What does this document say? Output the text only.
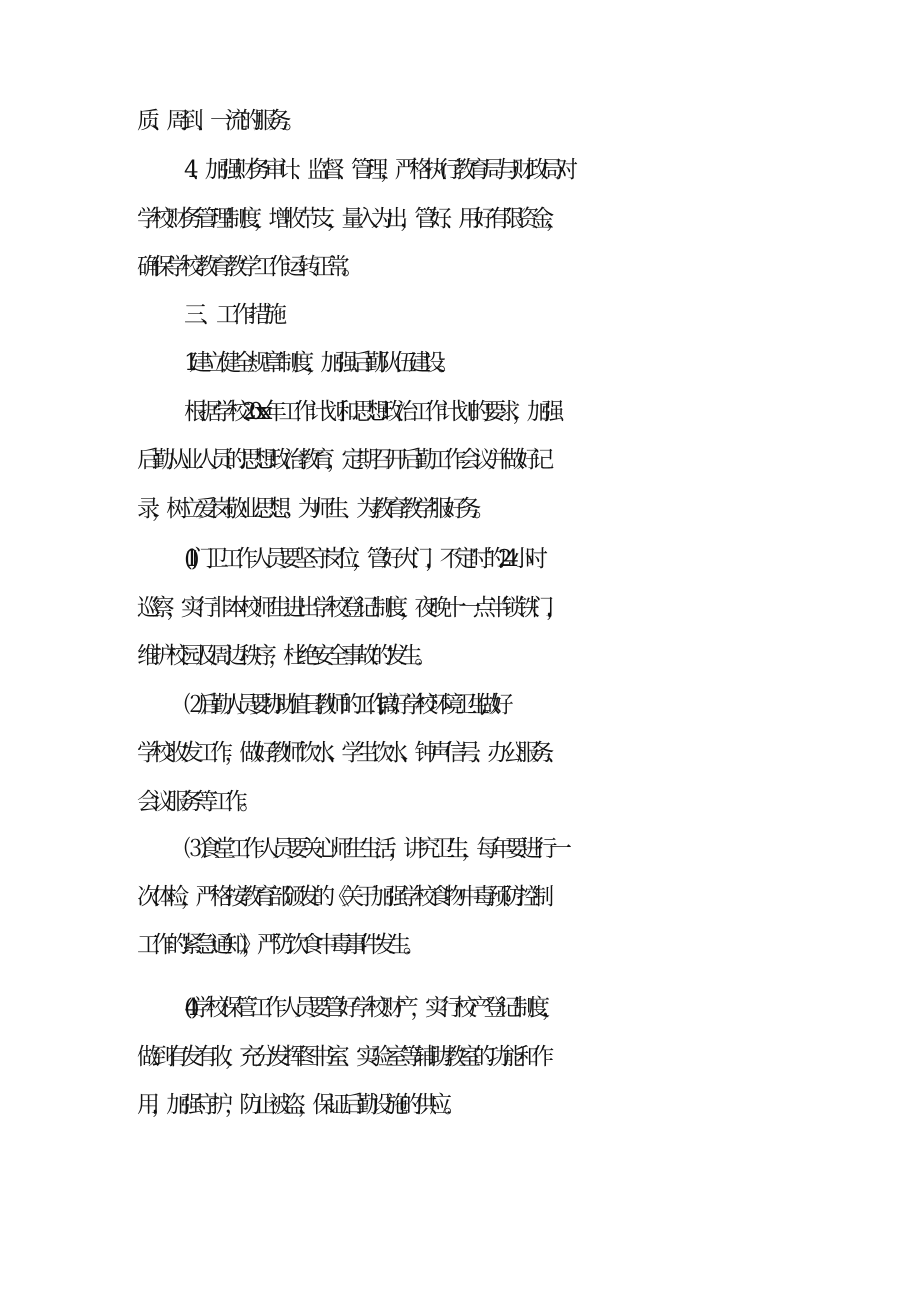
质、周到、一流的服务。
4、加强财务审计、监督、管理，严格执行教育局与财政局对
学校财务管理制度，增收节支，量入为出，管好、用好有限资金，
确保学校教育教学工作运转正常。
三、工作措施
1.建立健全规章制度，加强后勤队伍建设。
根据学校20xx年工作计划和思想政治工作计划的要求，加强
后勤从业人员的思想政治教育，定期召开后勤工作会议并做好记
录，树立爱岗敬业思想。为师生、为教育教学服好务。
(1)门卫工作人员要坚守岗位，管好大门，不定时的24小时
巡察，实行非本校师生进出学校登记制度，夜晚十一点半锁铁门，
维护校园及周边秩序，杜绝安全事故的发生。
⑵后勤人员要协助值日教师的工作,搞好学校环境卫生,做好
学校收发工作，做好教师饮水、学生饮水、钟声信号、办公服务、
会议服务等工作。
⑶食堂工作人员要关心师生生活，讲究卫生，每年要进行一
次体检，严格按教育部颁发的《关于加强学校食物中毒预防控制
工作的紧急通知》，严防饮食中毒事件发生。
(4)学校保管工作人员要管好学校财产，实行校产登记制度，
做到有发有收，充分发挥图书室、实验室等辅助教室的功能和作
用，加强守护，防止被盗，保证后勤设施的供应。
